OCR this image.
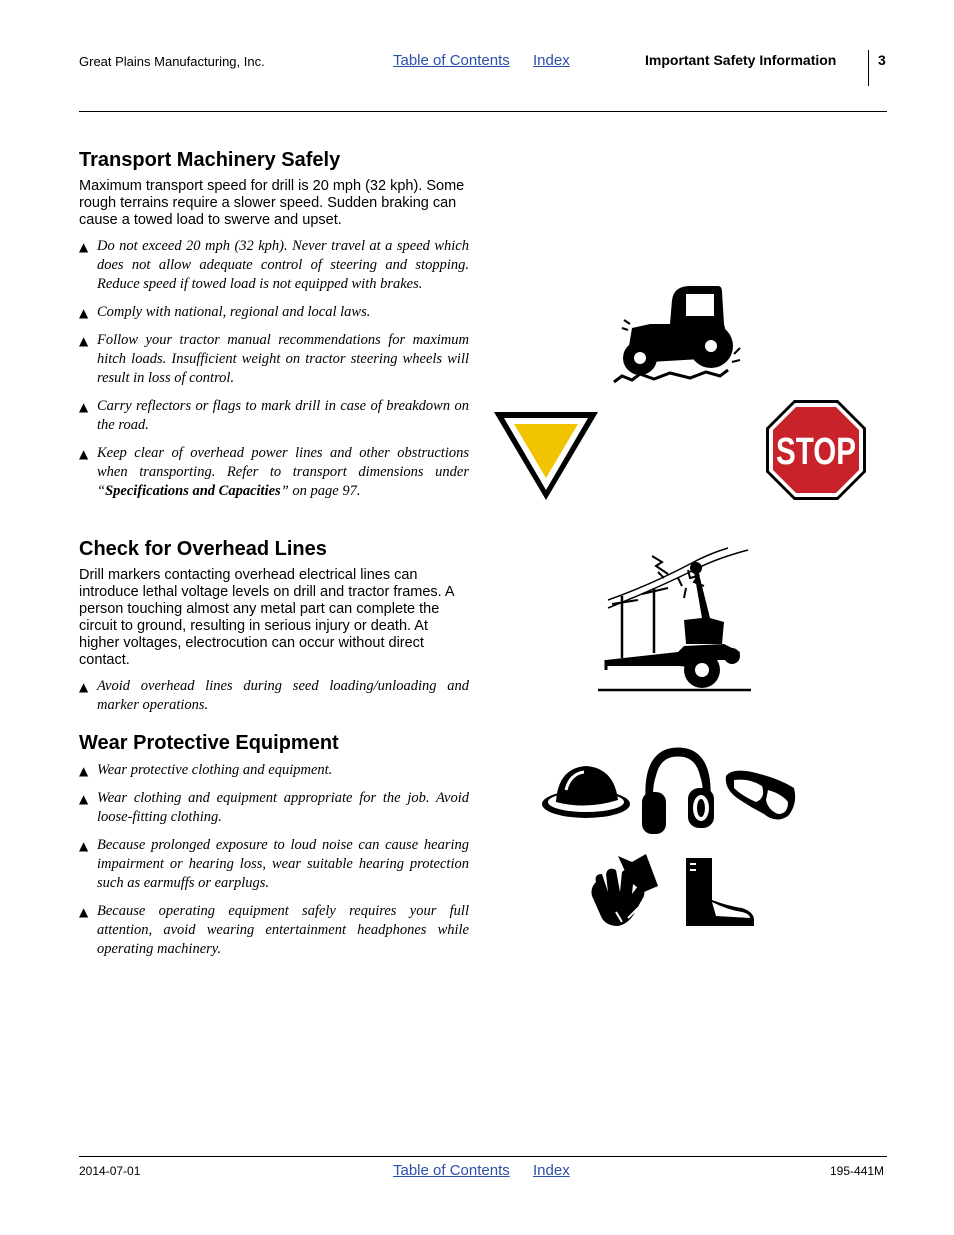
Great Plains Manufacturing, Inc.	Table of Contents Index	Important Safety Information	3
Transport Machinery Safely

Maximum transport speed for drill is 20 mph (32 kph). Some rough terrains require a slower speed. Sudden braking can cause a towed load to swerve and upset.

▲ Do not exceed 20 mph (32 kph). Never travel at a speed which does not allow adequate control of steering and stopping. Reduce speed if towed load is not equipped with brakes.
▲ Comply with national, regional and local laws.
▲ Follow your tractor manual recommendations for maximum hitch loads. Insufficient weight on tractor steering wheels will result in loss of control.
▲ Carry reflectors or flags to mark drill in case of breakdown on the road.
▲ Keep clear of overhead power lines and other obstructions when transporting. Refer to transport dimensions under “Specifications and Capacities” on page 97.
Check for Overhead Lines

Drill markers contacting overhead electrical lines can introduce lethal voltage levels on drill and tractor frames. A person touching almost any metal part can complete the circuit to ground, resulting in serious injury or death. At higher voltages, electrocution can occur without direct contact.

▲ Avoid overhead lines during seed loading/unloading and marker operations.
Wear Protective Equipment
▲ Wear protective clothing and equipment.
▲ Wear clothing and equipment appropriate for the job. Avoid loose-fitting clothing.
▲ Because prolonged exposure to loud noise can cause hearing impairment or hearing loss, wear suitable hearing protection such as earmuffs or earplugs.
▲ Because operating equipment safely requires your full attention, avoid wearing entertainment headphones while operating machinery.
STOP
2014-07-01	Table of Contents Index	195-441M
